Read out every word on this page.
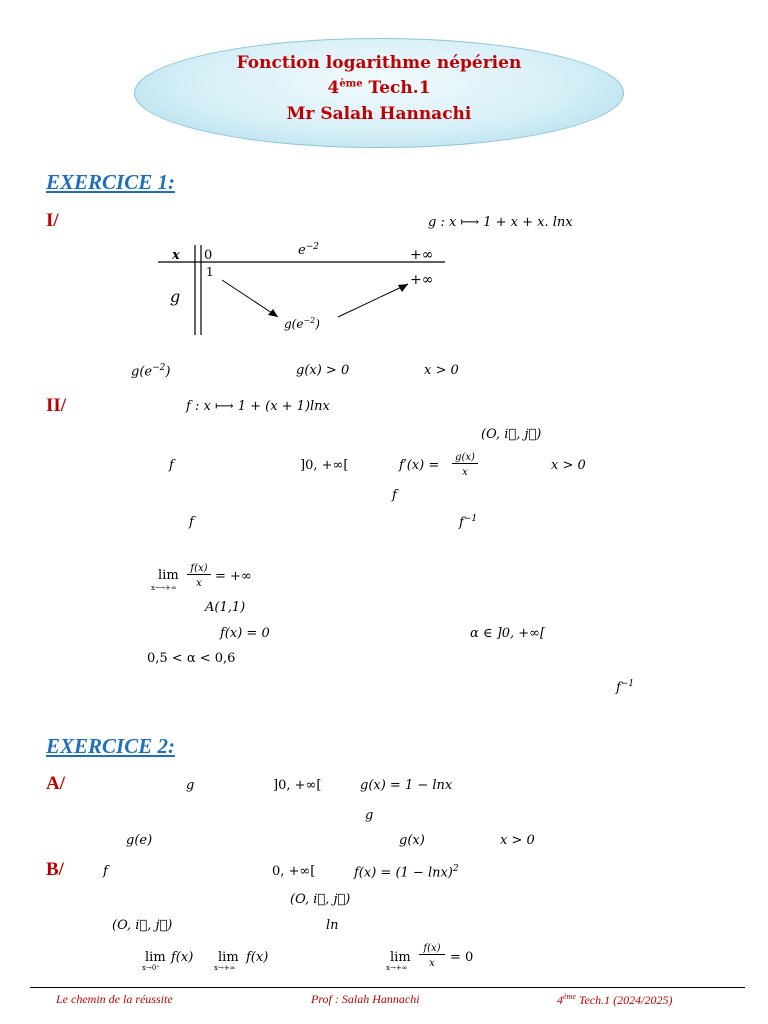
Fonction logarithme népérien
4ème Tech.1
Mr Salah Hannachi
EXERCICE 1:
I/	g : x ⟼ 1 + x + x. lnx
x 0	$e^{-2}$	+∞
g
1	+∞
$g(e^{-2})$
$g(e^{-2})$	g(x) > 0	x > 0
II/	f : x ⟼ 1 + (x + 1)lnx
(O, i⃗, j⃗)
f	]0, +∞[	f′(x) =
g(x)
x	x > 0
f
f	$f^{-1}$
lim
x⟶+∞
f(x)
x	= +∞
A(1,1)
f(x) = 0	α ∈ ]0, +∞[
0,5 < α < 0,6
$f^{-1}$
EXERCICE 2:
A/	g	]0, +∞[	g(x) = 1 − lnx
g
g(e)	g(x)	x > 0
B/	f	0, +∞[	$f(x) = (1 - \ln x)^2$
(O, i⃗, j⃗)
(O, i⃗, j⃗)	ln
lim
x→0⁺
f(x) lim
x→+∞
f(x)	lim
x→+∞
f(x)
x	= 0
Le chemin de la réussite	Prof : Salah Hannachi	4ème Tech.1 (2024/2025)
